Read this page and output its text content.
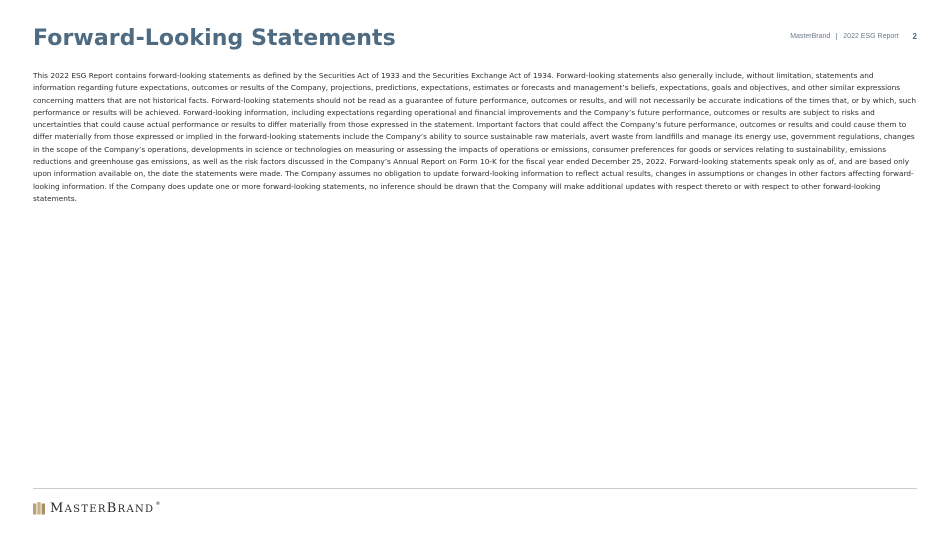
Forward-Looking Statements	MasterBrand 2022 ESG Report 2

This 2022 ESG Report contains forward-looking statements as defined by the Securities Act of 1933 and the Securities Exchange Act of 1934. Forward-looking statements also generally include, without limitation, statements and information regarding future expectations, outcomes or results of the Company, projections, predictions, expectations, estimates or forecasts and management’s beliefs, expectations, goals and objectives, and other similar expressions concerning matters that are not historical facts. Forward-looking statements should not be read as a guarantee of future performance, outcomes or results, and will not necessarily be accurate indications of the times that, or by which, such performance or results will be achieved. Forward-looking information, including expectations regarding operational and financial improvements and the Company’s future performance, outcomes or results are subject to risks and uncertainties that could cause actual performance or results to differ materially from those expressed in the statement. Important factors that could affect the Company’s future performance, outcomes or results and could cause them to differ materially from those expressed or implied in the forward-looking statements include the Company’s ability to source sustainable raw materials, avert waste from landfills and manage its energy use, government regulations, changes in the scope of the Company’s operations, developments in science or technologies on measuring or assessing the impacts of operations or emissions, consumer preferences for goods or services relating to sustainability, emissions reductions and greenhouse gas emissions, as well as the risk factors discussed in the Company’s Annual Report on Form 10-K for the fiscal year ended December 25, 2022. Forward-looking statements speak only as of, and are based only upon information available on, the date the statements were made. The Company assumes no obligation to update forward-looking information to reflect actual results, changes in assumptions or changes in other factors affecting forward-looking information. If the Company does update one or more forward-looking statements, no inference should be drawn that the Company will make additional updates with respect thereto or with respect to other forward-looking statements.

MASTERBRAND®
